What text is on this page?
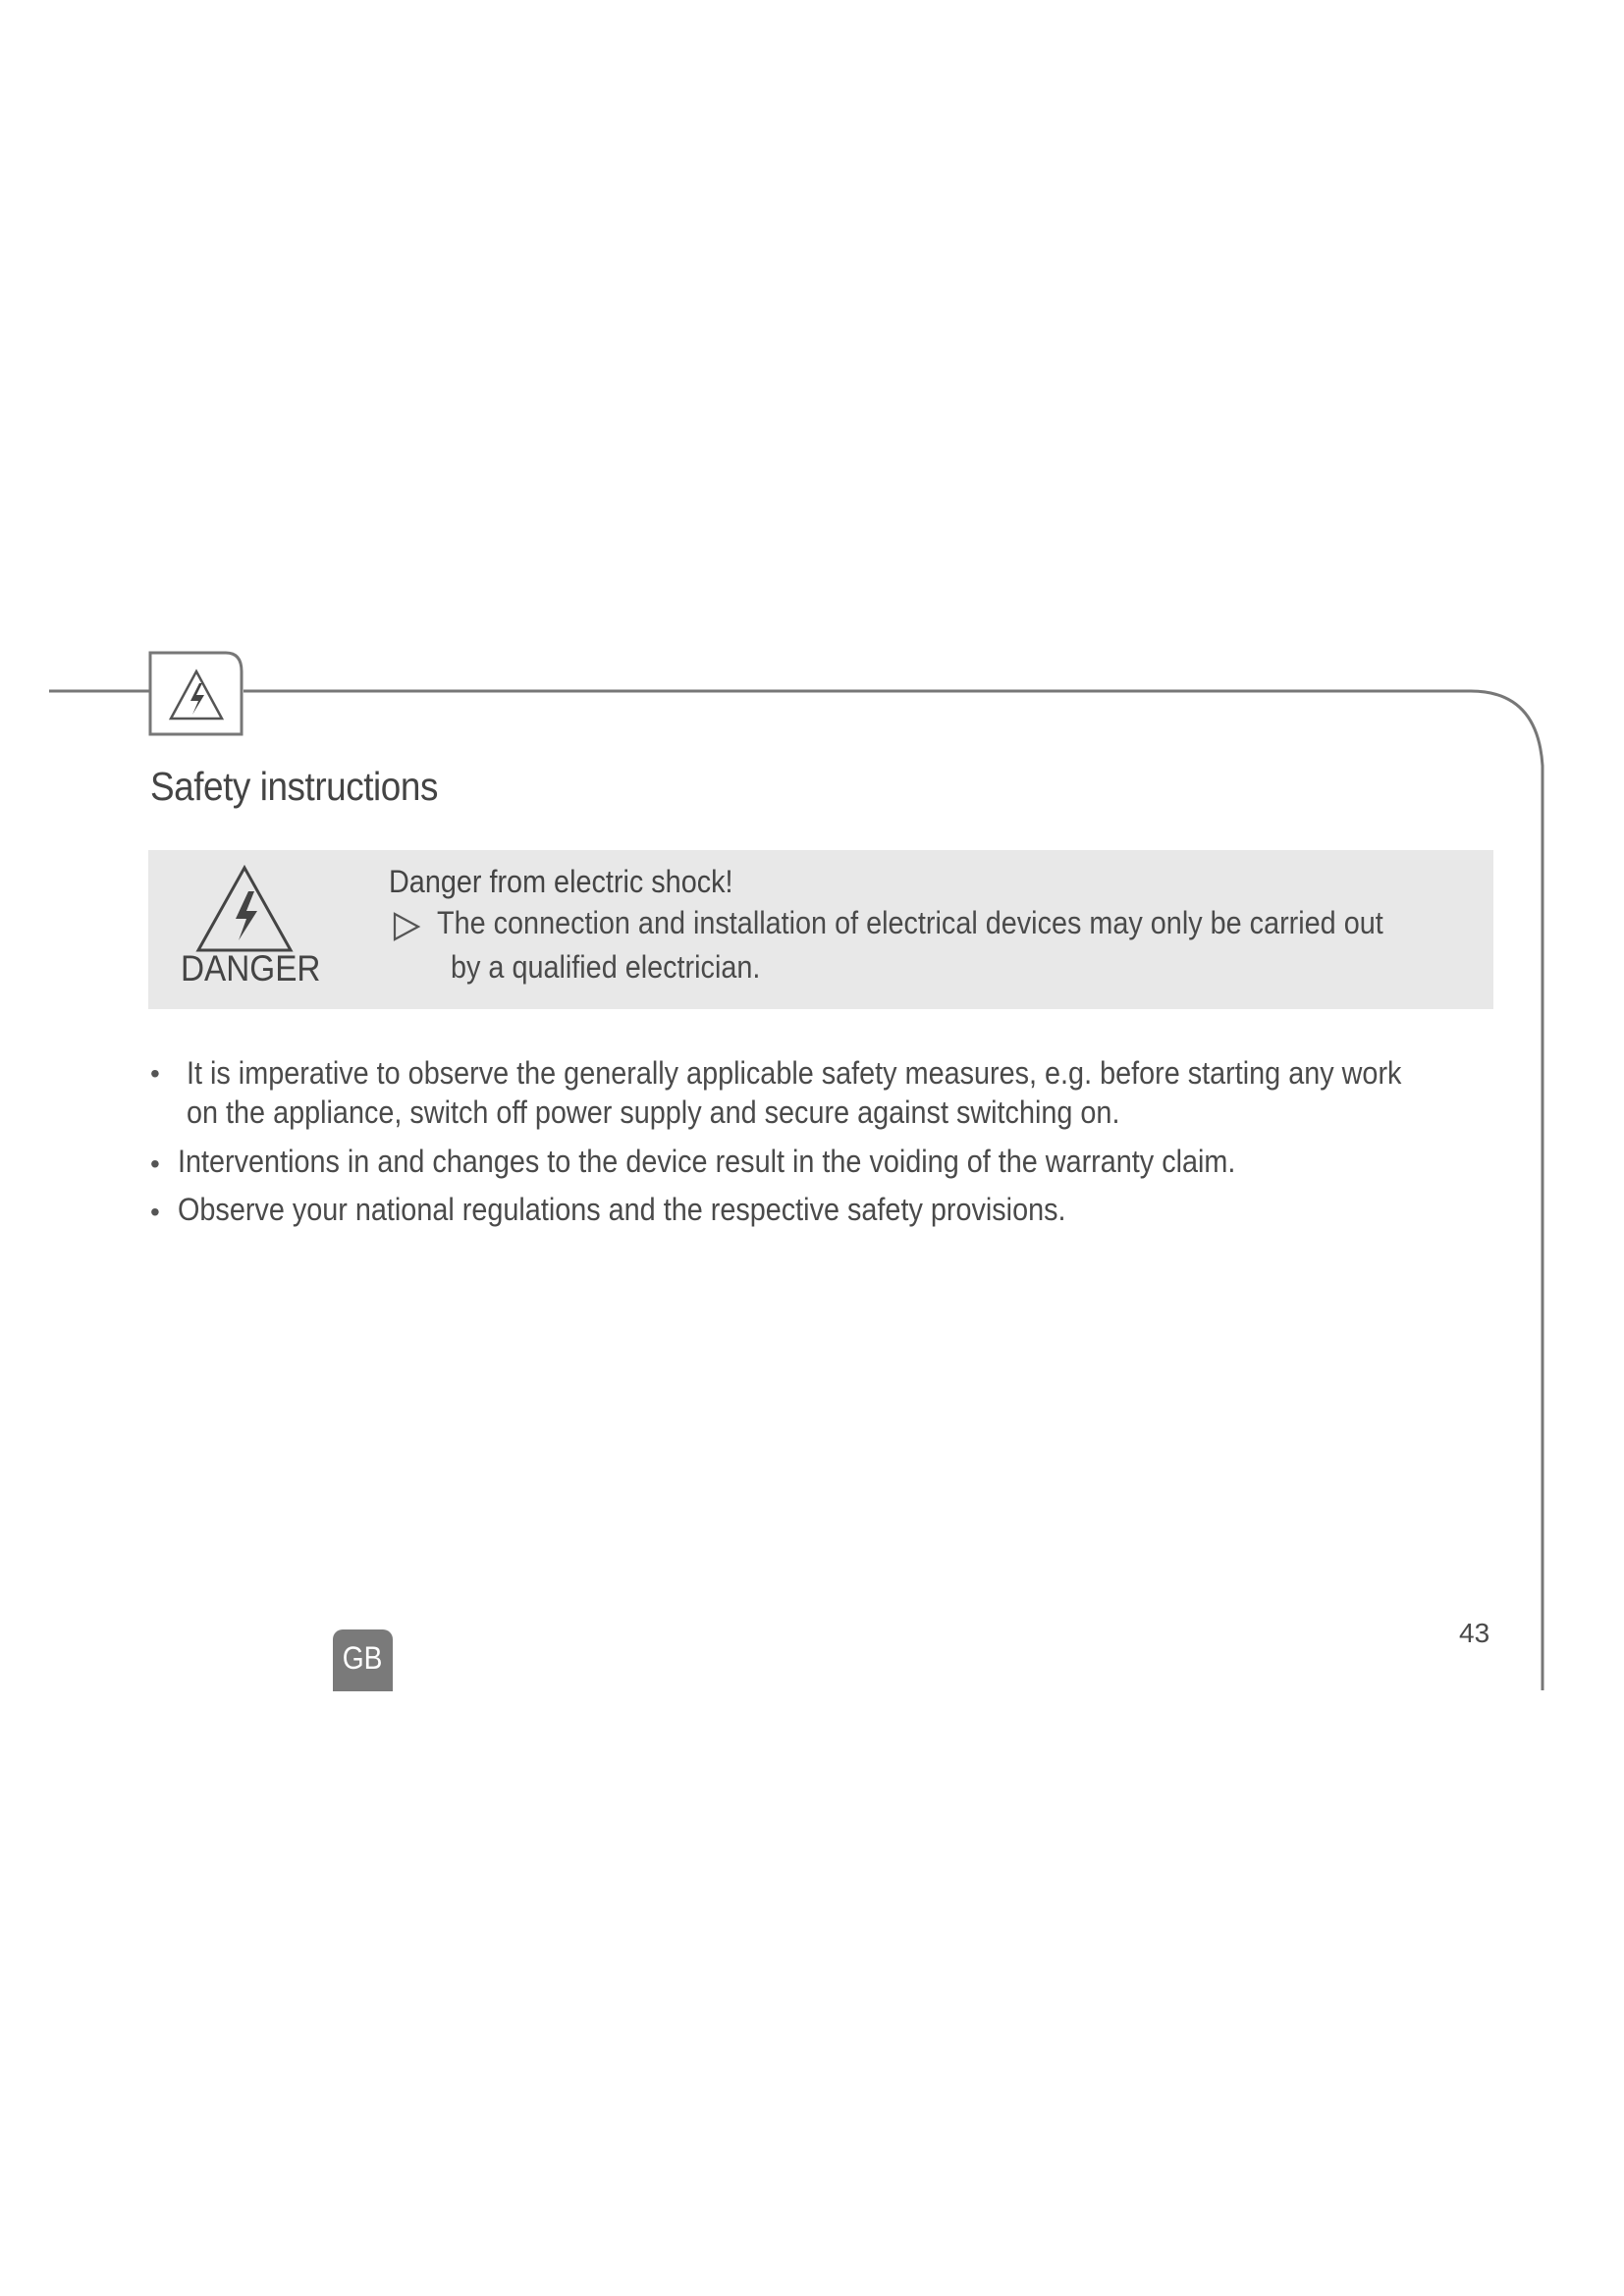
Safety instructions
DANGER
Danger from electric shock!
The connection and installation of electrical devices may only be carried out
by a qualified electrician.
• It is imperative to observe the generally applicable safety measures, e.g. before starting any work
on the appliance, switch off power supply and secure against switching on.
• Interventions in and changes to the device result in the voiding of the warranty claim.
• Observe your national regulations and the respective safety provisions.
GB
43
